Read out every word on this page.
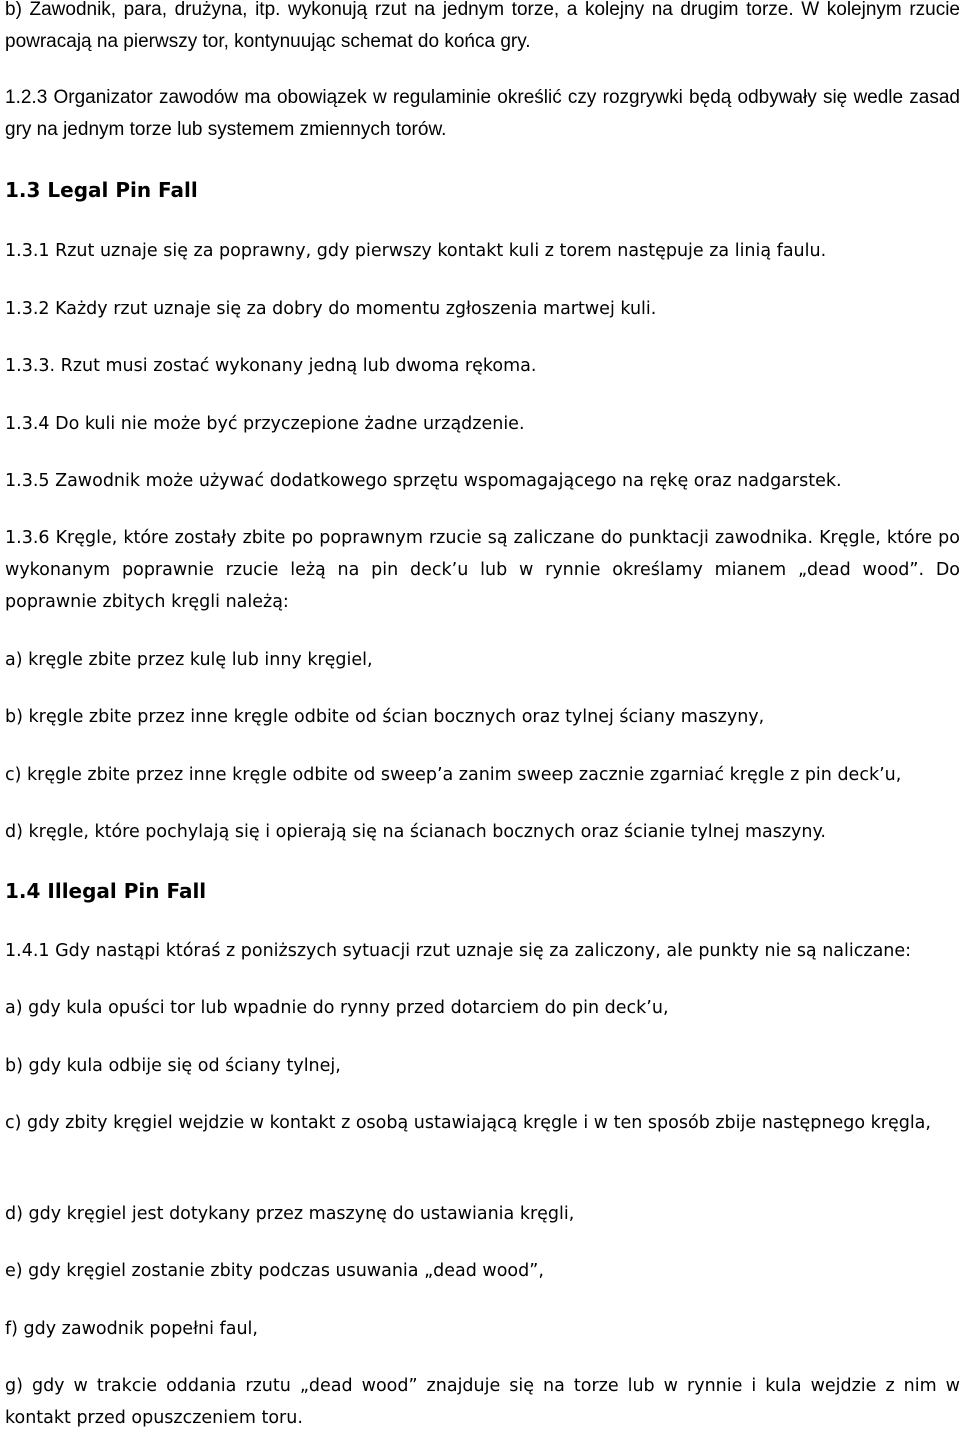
b) Zawodnik, para, drużyna, itp. wykonują rzut na jednym torze, a kolejny na drugim torze. W kolejnym rzucie powracają na pierwszy tor, kontynuując schemat do końca gry.

1.2.3 Organizator zawodów ma obowiązek w regulaminie określić czy rozgrywki będą odbywały się wedle zasad gry na jednym torze lub systemem zmiennych torów.

1.3 Legal Pin Fall

1.3.1 Rzut uznaje się za poprawny, gdy pierwszy kontakt kuli z torem następuje za linią faulu.

1.3.2 Każdy rzut uznaje się za dobry do momentu zgłoszenia martwej kuli.

1.3.3. Rzut musi zostać wykonany jedną lub dwoma rękoma.

1.3.4 Do kuli nie może być przyczepione żadne urządzenie.

1.3.5 Zawodnik może używać dodatkowego sprzętu wspomagającego na rękę oraz nadgarstek.

1.3.6 Kręgle, które zostały zbite po poprawnym rzucie są zaliczane do punktacji zawodnika. Kręgle, które po wykonanym poprawnie rzucie leżą na pin deck’u lub w rynnie określamy mianem „dead wood”. Do poprawnie zbitych kręgli należą:

a) kręgle zbite przez kulę lub inny kręgiel,

b) kręgle zbite przez inne kręgle odbite od ścian bocznych oraz tylnej ściany maszyny,

c) kręgle zbite przez inne kręgle odbite od sweep’a zanim sweep zacznie zgarniać kręgle z pin deck’u,

d) kręgle, które pochylają się i opierają się na ścianach bocznych oraz ścianie tylnej maszyny.

1.4 Illegal Pin Fall

1.4.1 Gdy nastąpi któraś z poniższych sytuacji rzut uznaje się za zaliczony, ale punkty nie są naliczane:

a) gdy kula opuści tor lub wpadnie do rynny przed dotarciem do pin deck’u,

b) gdy kula odbije się od ściany tylnej,

c) gdy zbity kręgiel wejdzie w kontakt z osobą ustawiającą kręgle i w ten sposób zbije następnego kręgla,

d) gdy kręgiel jest dotykany przez maszynę do ustawiania kręgli,

e) gdy kręgiel zostanie zbity podczas usuwania „dead wood”,

f) gdy zawodnik popełni faul,

g) gdy w trakcie oddania rzutu „dead wood” znajduje się na torze lub w rynnie i kula wejdzie z nim w kontakt przed opuszczeniem toru.
